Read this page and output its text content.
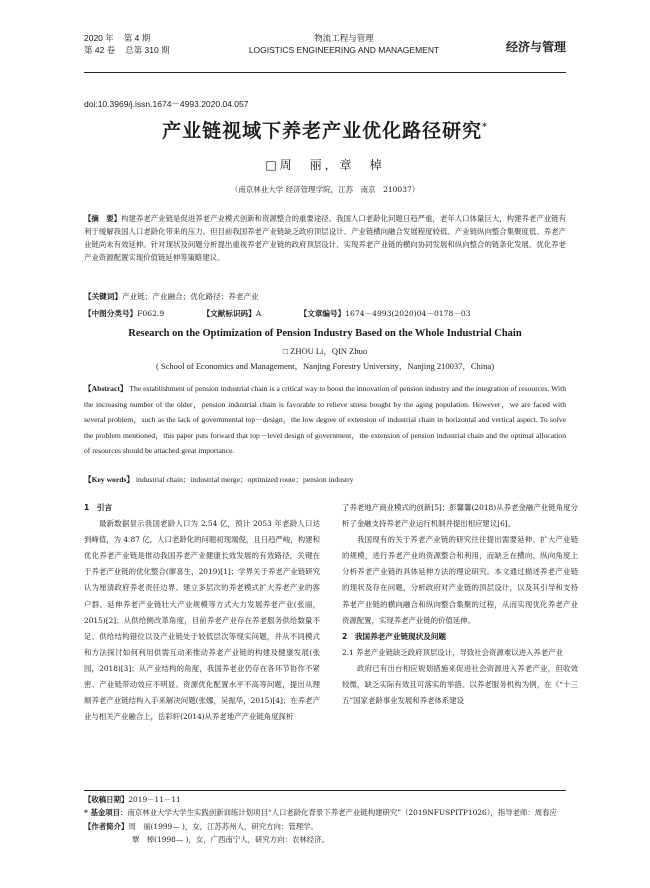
2020 年 第 4 期
第 42 卷 总第 310 期
物流工程与管理
LOGISTICS ENGINEERING AND MANAGEMENT	经济与管理
doi:10.3969/j.issn.1674－4993.2020.04.057
产业链视域下养老产业优化路径研究*
□周　丽，章　棹
（南京林业大学 经济管理学院，江苏　南京　210037）
【摘　要】构建养老产业链是促进养老产业模式创新和资源整合的重要途径。我国人口老龄化问题日趋严重，老年人口体量巨大，构建养老产业链有利于缓解我国人口老龄化带来的压力。但目前我国养老产业链缺乏政府顶层设计、产业链横向融合发展程度较低、产业链纵向整合集聚度低、养老产业链尚未有效延伸。针对现状及问题分析提出重视养老产业链的政府顶层设计、实现养老产业链的横向协同发展和纵向整合的链条化发展、优化养老产业资源配置实现价值链延伸等策略建议。
【关键词】产业链；产业融合；优化路径；养老产业
【中图分类号】F062.9	【文献标识码】A	【文章编号】1674－4993(2020)04－0178－03
Research on the Optimization of Pension Industry Based on the Whole Industrial Chain
□ ZHOU Li，QIN Zhuo
( School of Economics and Management，Nanjing Forestry University，Nanjing 210037，China)
【Abstract】 The establishment of pension industrial chain is a critical way to boost the innovation of pension industry and the integration of resources. With the increasing number of the older，pension industrial chain is favorable to relieve stress bought by the aging population. However，we are faced with several problem，such as the lack of governmental top－design，the low degree of extension of industrial chain in horizontal and vertical aspect. To solve the problem mentioned，this paper puts forward that top－level design of government，the extension of pension industrial chain and the optimal allocation of resources should be attached great importance.
【Key words】 industrial chain；industrial merge；optimized route；pension industry
1　引言

最新数据显示我国老龄人口为 2.54 亿，预计 2053 年老龄人口达到峰值，为 4.87 亿，人口老龄化的问题初现端倪，且日趋严峻，构建和优化养老产业链是推动我国养老产业健康长效发展的有效路径，关键在于养老产业链的优化整合(廖喜生，2019)[1]；学界关于养老产业链研究认为厘清政府养老责任边界、建立多层次的养老模式扩大养老产业的客户群、延伸养老产业链壮大产业规模等方式大力发展养老产业(张丽，2015)[2]；从供给侧改革角度，目前养老产业存在养老服务供给数量不足、供给结构错位以及产业链处于较低层次等现实问题，并从不同模式和方法探讨如何利用供需互动来推动养老产业链的构建及健康发展(张园，2018)[3]；从产业结构的角度，我国养老业仍存在各环节协作不紧密、产业链带动效应不明显、资源优化配置水平不高等问题，提出从理顺养老产业链结构入手来解决问题(张娜，吴振华，2015)[4]；在养老产业与相关产业融合上，岳彩轩(2014)从养老地产产业链角度探析

了养老地产商业模式的创新[5]；彭馨馨(2018)从养老金融产业链角度分析了金融支持养老产业运行机制并提出相应建议[6]。

我国现有的关于养老产业链的研究往往提出需要延伸、扩大产业链的规模，进行养老产业的资源整合和利用，而缺乏在横向、纵向角度上分析养老产业链的具体延伸方法的理论研究。本文通过描述养老产业链的现状及存在问题，分析政府对产业链的顶层设计，以及其引导和支持养老产业链的横向融合和纵向整合集聚的过程，从而实现优化养老产业资源配置，实现养老产业链的价值延伸。

2　我国养老产业链现状及问题
2.1 养老产业链缺乏政府顶层设计，导致社会资源难以进入养老产业

政府已有出台相应规划措施来促进社会资源进入养老产业，但收效较微，缺乏实际有效且可落实的举措。以养老服务机构为例，在《“十三五”国家老龄事业发展和养老体系建设

【收稿日期】2019－11－11
* 基金项目：南京林业大学大学生实践创新训练计划项目“人口老龄化背景下养老产业链构建研究”（2019NFUSPITP1026），指导老师：周春应
【作者简介】周　丽(1999— )，女，江苏苏州人，研究方向：管理学。
覃　棹(1998— )，女，广西南宁人，研究方向：农林经济。
